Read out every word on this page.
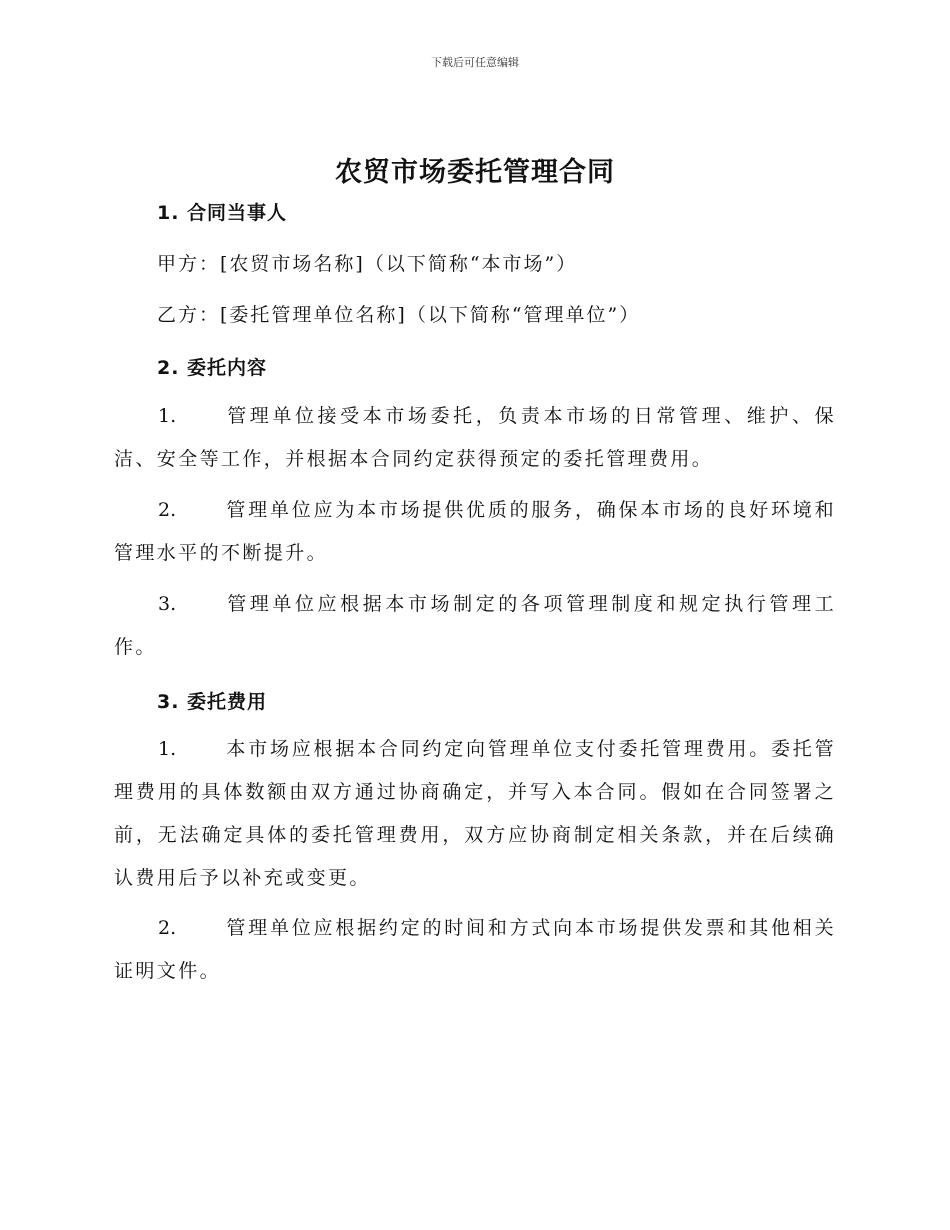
下载后可任意编辑
农贸市场委托管理合同
1. 合同当事人
甲方：[农贸市场名称]（以下简称“本市场”）
乙方：[委托管理单位名称]（以下简称“管理单位”）
2. 委托内容
1.	管理单位接受本市场委托，负责本市场的日常管理、维护、保洁、安全等工作，并根据本合同约定获得预定的委托管理费用。
2.	管理单位应为本市场提供优质的服务，确保本市场的良好环境和管理水平的不断提升。
3.	管理单位应根据本市场制定的各项管理制度和规定执行管理工作。
3. 委托费用
1.	本市场应根据本合同约定向管理单位支付委托管理费用。委托管理费用的具体数额由双方通过协商确定，并写入本合同。假如在合同签署之前，无法确定具体的委托管理费用，双方应协商制定相关条款，并在后续确认费用后予以补充或变更。
2.	管理单位应根据约定的时间和方式向本市场提供发票和其他相关证明文件。
